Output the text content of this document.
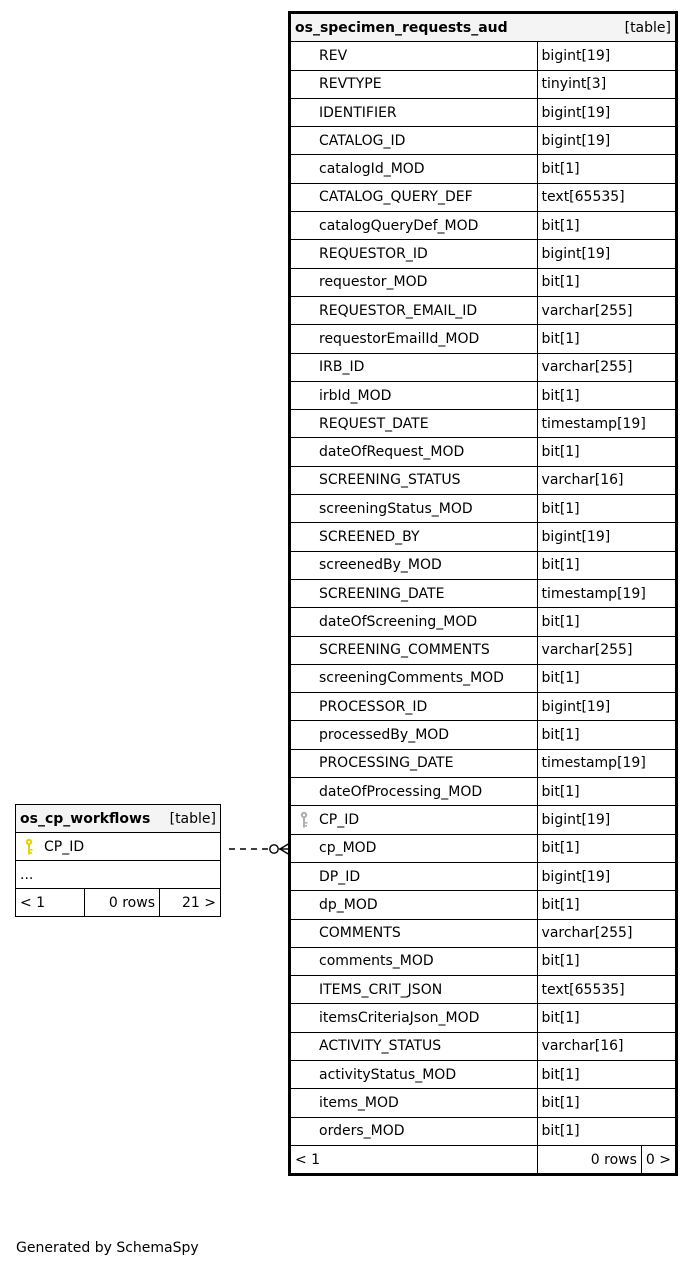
os_specimen_requests_aud [table]		

REV	bigint[19]	
REVTYPE	tinyint[3]	
IDENTIFIER	bigint[19]	
CATALOG_ID	bigint[19]	
catalogId_MOD	bit[1]	
CATALOG_QUERY_DEF	text[65535]	
catalogQueryDef_MOD	bit[1]	
REQUESTOR_ID	bigint[19]	
requestor_MOD	bit[1]	
REQUESTOR_EMAIL_ID	varchar[255]	
requestorEmailId_MOD	bit[1]	
IRB_ID	varchar[255]	
irbId_MOD	bit[1]	
REQUEST_DATE	timestamp[19]	
dateOfRequest_MOD	bit[1]	
SCREENING_STATUS	varchar[16]	
screeningStatus_MOD	bit[1]	
SCREENED_BY	bigint[19]	
screenedBy_MOD	bit[1]	
SCREENING_DATE	timestamp[19]	
dateOfScreening_MOD	bit[1]	
SCREENING_COMMENTS	varchar[255]	
screeningComments_MOD	bit[1]	
PROCESSOR_ID	bigint[19]	
processedBy_MOD	bit[1]	
PROCESSING_DATE	timestamp[19]	
dateOfProcessing_MOD	bit[1]	

CP_ID	bigint[19]	
cp_MOD	bit[1]	
DP_ID	bigint[19]	
dp_MOD	bit[1]	
COMMENTS	varchar[255]	
comments_MOD	bit[1]	
ITEMS_CRIT_JSON	text[65535]	
itemsCriteriaJson_MOD	bit[1]	
ACTIVITY_STATUS	varchar[16]	
activityStatus_MOD	bit[1]	
items_MOD	bit[1]	
orders_MOD	bit[1]	
< 1	0 rows	0 >
os_cp_workflows [table]

CP_ID
...
< 1	0 rows	21 >
Generated by SchemaSpy
